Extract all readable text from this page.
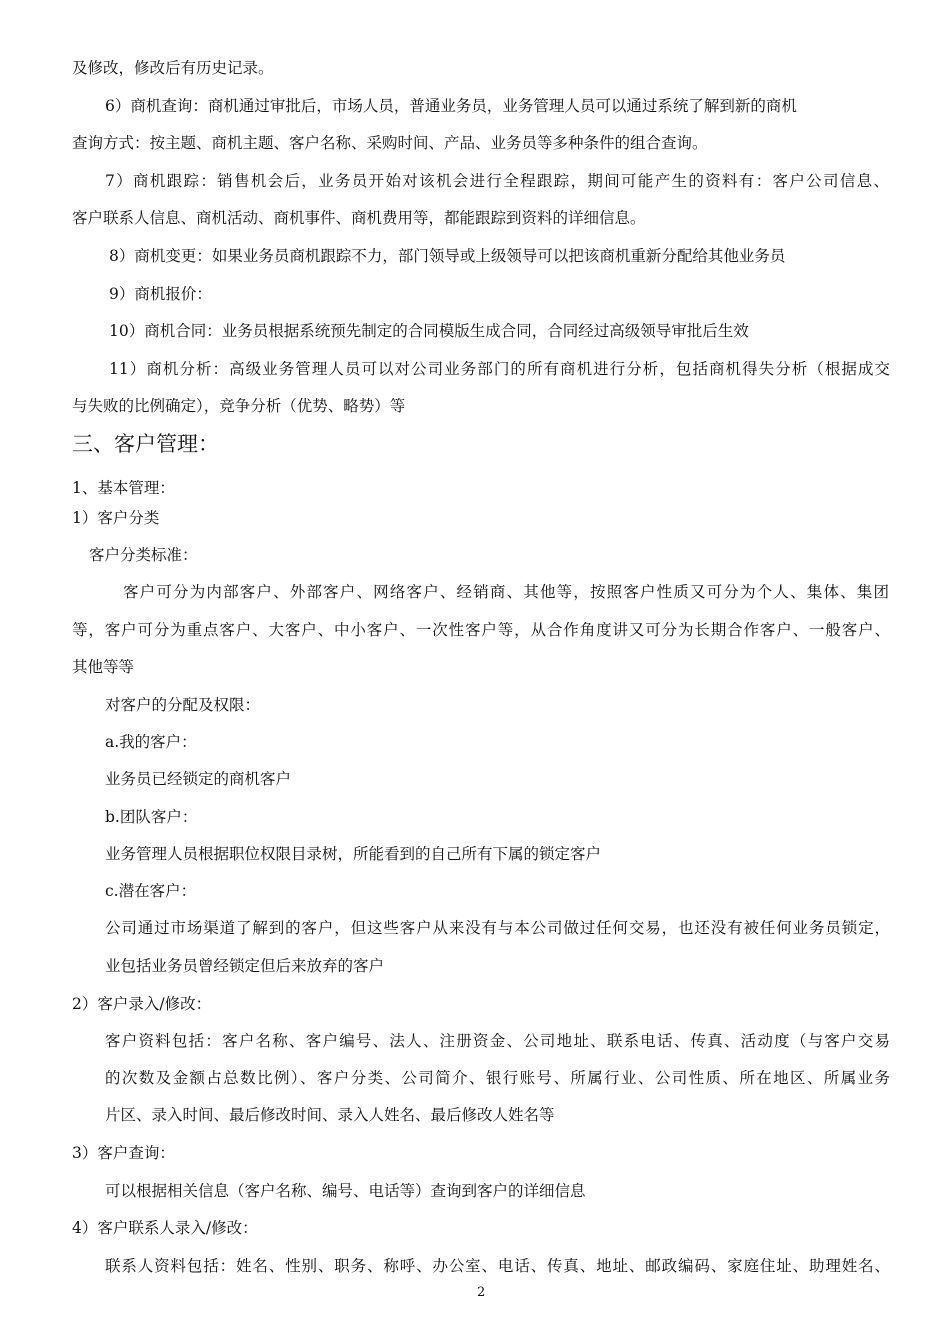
及修改，修改后有历史记录。
6）商机查询：商机通过审批后，市场人员，普通业务员，业务管理人员可以通过系统了解到新的商机
查询方式：按主题、商机主题、客户名称、采购时间、产品、业务员等多种条件的组合查询。
7）商机跟踪：销售机会后，业务员开始对该机会进行全程跟踪，期间可能产生的资料有：客户公司信息、
客户联系人信息、商机活动、商机事件、商机费用等，都能跟踪到资料的详细信息。
8）商机变更：如果业务员商机跟踪不力，部门领导或上级领导可以把该商机重新分配给其他业务员
9）商机报价：
10）商机合同：业务员根据系统预先制定的合同模版生成合同，合同经过高级领导审批后生效
11）商机分析：高级业务管理人员可以对公司业务部门的所有商机进行分析，包括商机得失分析（根据成交
与失败的比例确定），竞争分析（优势、略势）等
三、客户管理：
1、基本管理：
1）客户分类
客户分类标准：
客户可分为内部客户、外部客户、网络客户、经销商、其他等，按照客户性质又可分为个人、集体、集团
等，客户可分为重点客户、大客户、中小客户、一次性客户等，从合作角度讲又可分为长期合作客户、一般客户、
其他等等
对客户的分配及权限：
a.我的客户：
业务员已经锁定的商机客户
b.团队客户：
业务管理人员根据职位权限目录树，所能看到的自己所有下属的锁定客户
c.潜在客户：
公司通过市场渠道了解到的客户，但这些客户从来没有与本公司做过任何交易，也还没有被任何业务员锁定，
业包括业务员曾经锁定但后来放弃的客户
2）客户录入/修改：
客户资料包括：客户名称、客户编号、法人、注册资金、公司地址、联系电话、传真、活动度（与客户交易
的次数及金额占总数比例）、客户分类、公司简介、银行账号、所属行业、公司性质、所在地区、所属业务
片区、录入时间、最后修改时间、录入人姓名、最后修改人姓名等
3）客户查询：
可以根据相关信息（客户名称、编号、电话等）查询到客户的详细信息
4）客户联系人录入/修改：
联系人资料包括：姓名、性别、职务、称呼、办公室、电话、传真、地址、邮政编码、家庭住址、助理姓名、
2
